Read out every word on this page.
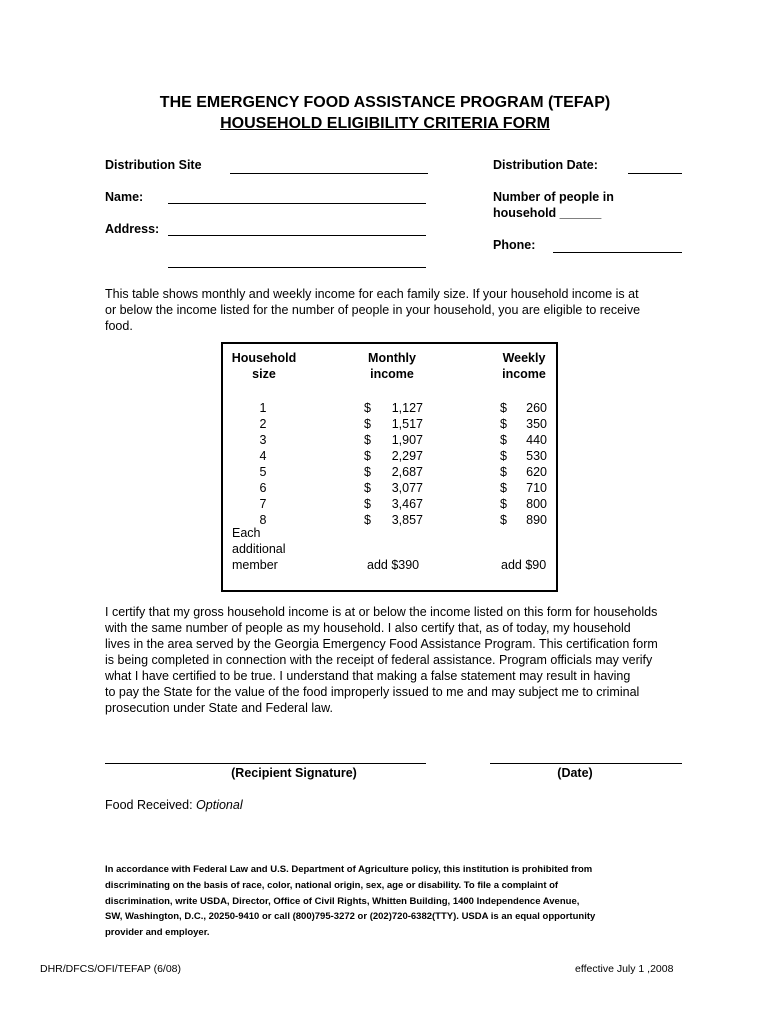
THE EMERGENCY FOOD ASSISTANCE PROGRAM (TEFAP)
HOUSEHOLD ELIGIBILITY CRITERIA FORM
Distribution Site	Distribution Date:
Name:	Number of people in
household ______
Address:
Phone:
This table shows monthly and weekly income for each family size. If your household income is at
or below the income listed for the number of people in your household, you are eligible to receive
food.
Household
size
Monthly
income
Weekly
income
1	$	1,127	$	260
2	$	1,517	$	350
3	$	1,907	$	440
4	$	2,297	$	530
5	$	2,687	$	620
6	$	3,077	$	710
7	$	3,467	$	800
8	$	3,857	$	890
Each
additional
member	add $390	add $90
I certify that my gross household income is at or below the income listed on this form for households
with the same number of people as my household. I also certify that, as of today, my household
lives in the area served by the Georgia Emergency Food Assistance Program. This certification form
is being completed in connection with the receipt of federal assistance. Program officials may verify
what I have certified to be true. I understand that making a false statement may result in having
to pay the State for the value of the food improperly issued to me and may subject me to criminal
prosecution under State and Federal law.
(Recipient Signature)	(Date)
Food Received: Optional
In accordance with Federal Law and U.S. Department of Agriculture policy, this institution is prohibited from
discriminating on the basis of race, color, national origin, sex, age or disability. To file a complaint of
discrimination, write USDA, Director, Office of Civil Rights, Whitten Building, 1400 Independence Avenue,
SW, Washington, D.C., 20250-9410 or call (800)795-3272 or (202)720-6382(TTY). USDA is an equal opportunity
provider and employer.
DHR/DFCS/OFI/TEFAP (6/08)	effective July 1 ,2008
